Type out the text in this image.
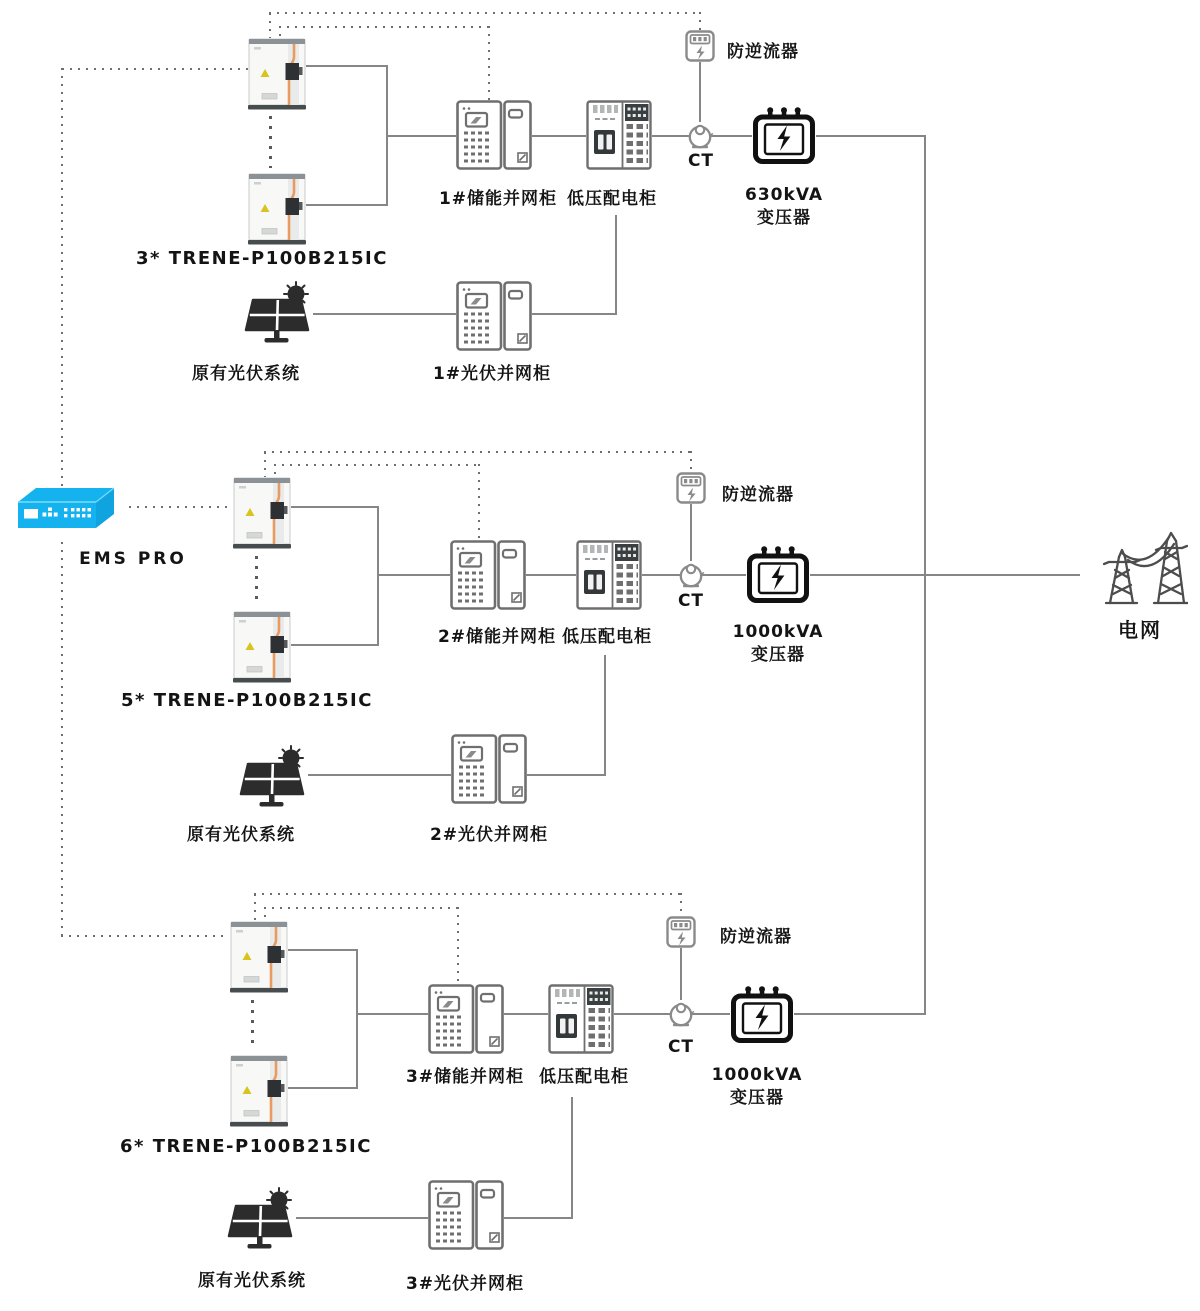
电网
EMS PRO
3* TRENE-P100B215IC
原有光伏系统
1#储能并网柜 低压配电柜
防逆流器
CT
630kVA
变压器
1#光伏并网柜
5* TRENE-P100B215IC
原有光伏系统
2#储能并网柜 低压配电柜
防逆流器
CT
1000kVA
变压器
2#光伏并网柜
6* TRENE-P100B215IC
原有光伏系统
3#储能并网柜 低压配电柜
防逆流器
CT
1000kVA
变压器
3#光伏并网柜
